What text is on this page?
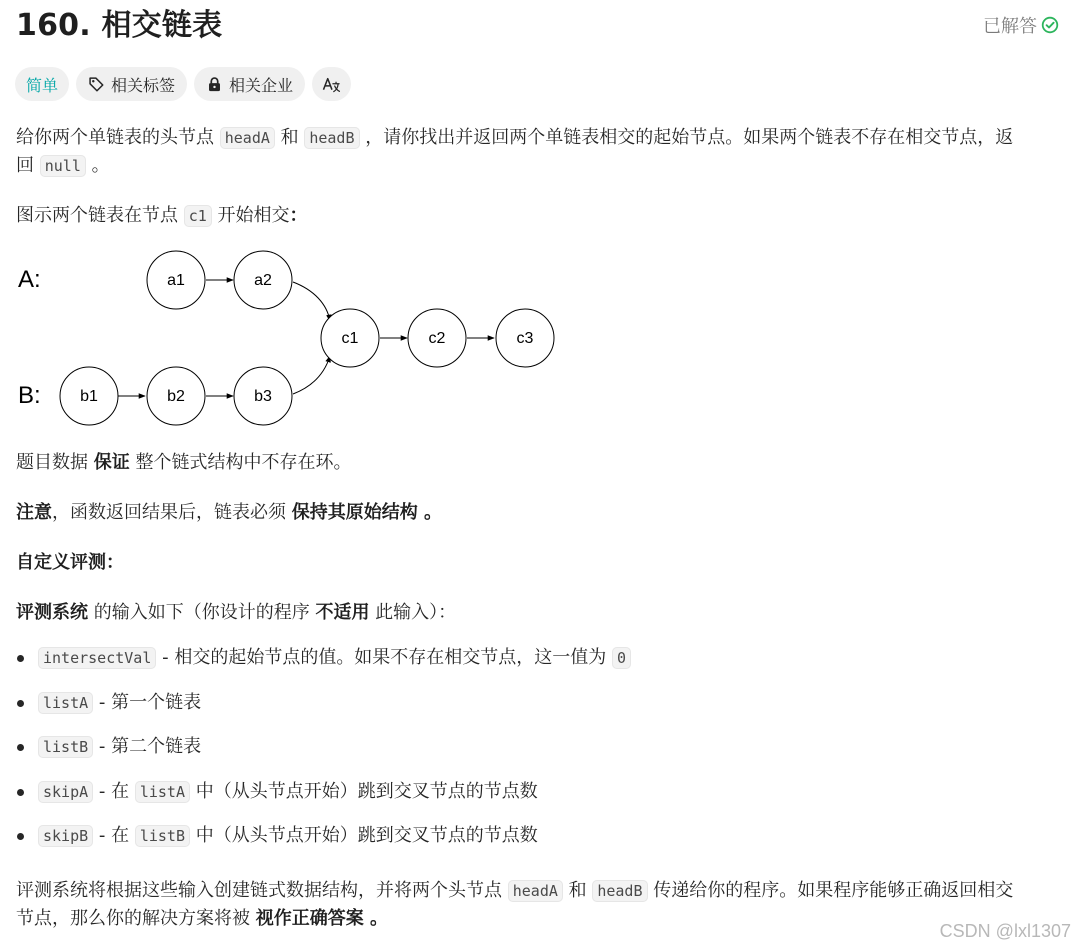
160. 相交链表	已解答
简单	相关标签	相关企业

给你两个单链表的头节点 headA 和 headB ，请你找出并返回两个单链表相交的起始节点。如果两个链表不存在相交节点，返
回 null 。

图示两个链表在节点 c1 开始相交：

a1	a2
b1	b2	b3
c1	c2	c3
A:
B:

题目数据 保证 整个链式结构中不存在环。

注意，函数返回结果后，链表必须 保持其原始结构 。

自定义评测：

评测系统 的输入如下（你设计的程序 不适用 此输入）：

intersectVal - 相交的起始节点的值。如果不存在相交节点，这一值为 0
listA - 第一个链表
listB - 第二个链表
skipA - 在 listA 中（从头节点开始）跳到交叉节点的节点数
skipB - 在 listB 中（从头节点开始）跳到交叉节点的节点数

评测系统将根据这些输入创建链式数据结构，并将两个头节点 headA 和 headB 传递给你的程序。如果程序能够正确返回相交
节点，那么你的解决方案将被 视作正确答案 。

CSDN @lxl1307
